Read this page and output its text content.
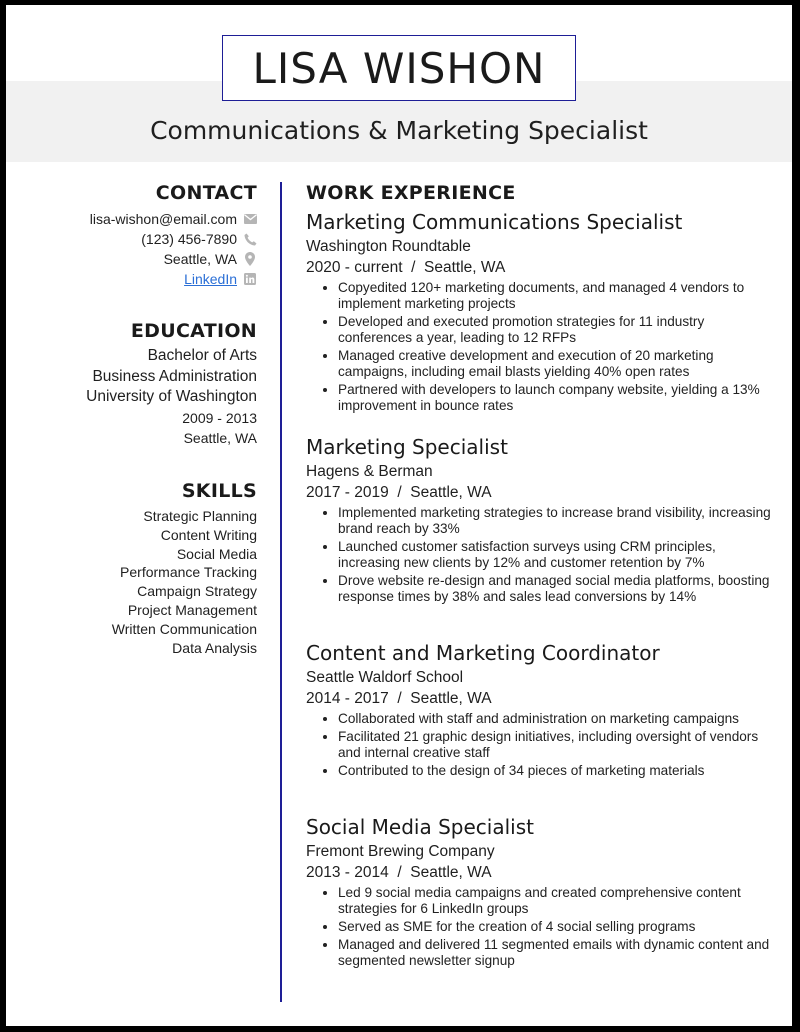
LISA WISHON
Communications & Marketing Specialist
CONTACT
lisa-wishon@email.com
(123) 456-7890
Seattle, WA
LinkedIn
EDUCATION
Bachelor of Arts
Business Administration
University of Washington
2009 - 2013
Seattle, WA
SKILLS
Strategic Planning
Content Writing
Social Media
Performance Tracking
Campaign Strategy
Project Management
Written Communication
Data Analysis
WORK EXPERIENCE
Marketing Communications Specialist
Washington Roundtable
2020 - current  /  Seattle, WA
• Copyedited 120+ marketing documents, and managed 4 vendors to implement marketing projects
• Developed and executed promotion strategies for 11 industry conferences a year, leading to 12 RFPs
• Managed creative development and execution of 20 marketing campaigns, including email blasts yielding 40% open rates
• Partnered with developers to launch company website, yielding a 13% improvement in bounce rates
Marketing Specialist
Hagens & Berman
2017 - 2019  /  Seattle, WA
• Implemented marketing strategies to increase brand visibility, increasing brand reach by 33%
• Launched customer satisfaction surveys using CRM principles, increasing new clients by 12% and customer retention by 7%
• Drove website re-design and managed social media platforms, boosting response times by 38% and sales lead conversions by 14%
Content and Marketing Coordinator
Seattle Waldorf School
2014 - 2017  /  Seattle, WA
• Collaborated with staff and administration on marketing campaigns
• Facilitated 21 graphic design initiatives, including oversight of vendors and internal creative staff
• Contributed to the design of 34 pieces of marketing materials
Social Media Specialist
Fremont Brewing Company
2013 - 2014  /  Seattle, WA
• Led 9 social media campaigns and created comprehensive content strategies for 6 LinkedIn groups
• Served as SME for the creation of 4 social selling programs
• Managed and delivered 11 segmented emails with dynamic content and segmented newsletter signup
